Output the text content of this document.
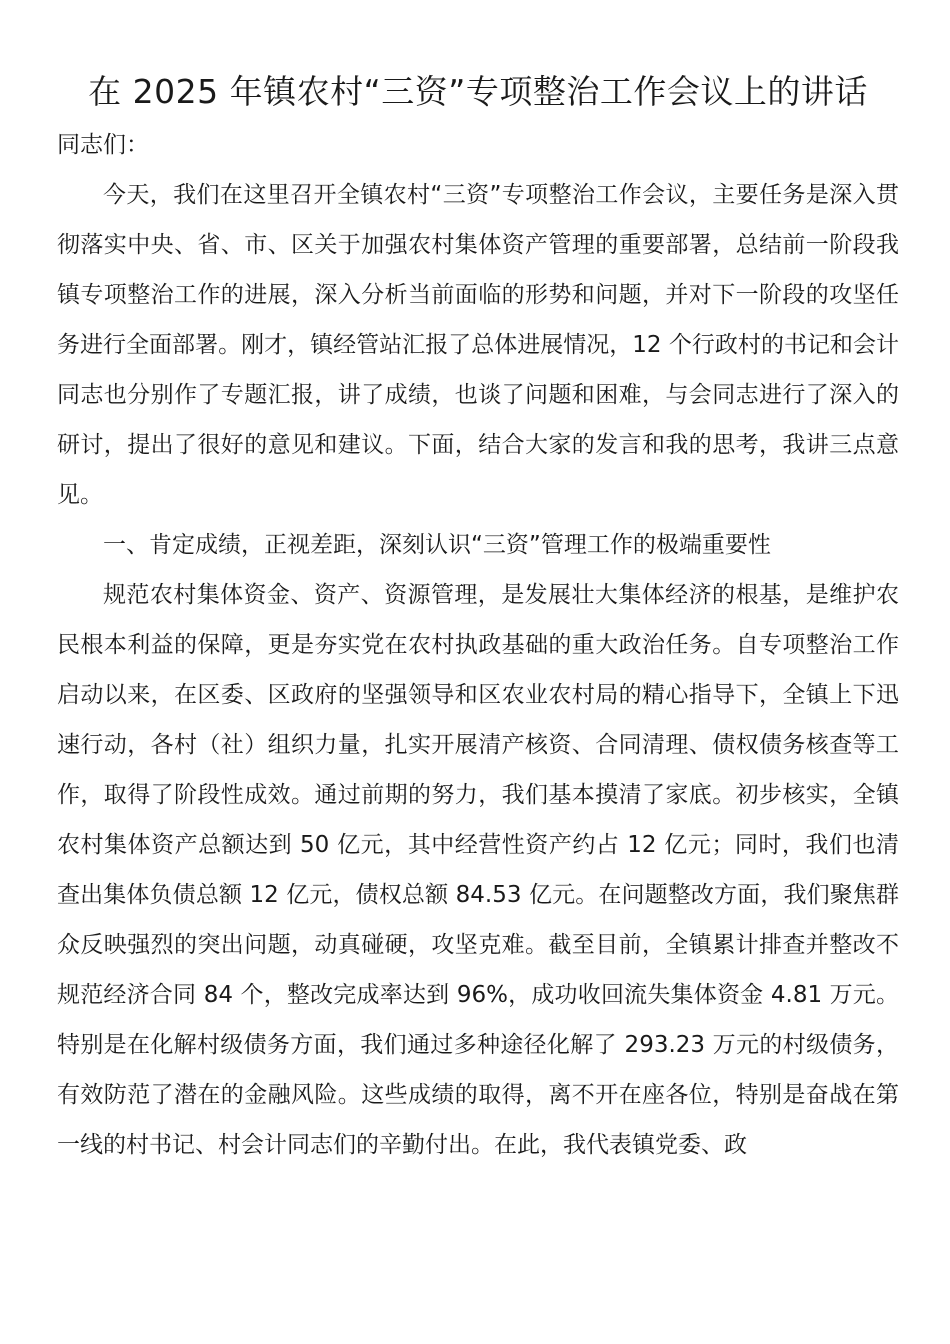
在 2025 年镇农村“三资”专项整治工作会议上的讲话

同志们：

今天，我们在这里召开全镇农村“三资”专项整治工作会议，主要任务是深入贯彻落实中央、省、市、区关于加强农村集体资产管理的重要部署，总结前一阶段我镇专项整治工作的进展，深入分析当前面临的形势和问题，并对下一阶段的攻坚任务进行全面部署。刚才，镇经管站汇报了总体进展情况，12 个行政村的书记和会计同志也分别作了专题汇报，讲了成绩，也谈了问题和困难，与会同志进行了深入的研讨，提出了很好的意见和建议。下面，结合大家的发言和我的思考，我讲三点意见。

一、肯定成绩，正视差距，深刻认识“三资”管理工作的极端重要性

规范农村集体资金、资产、资源管理，是发展壮大集体经济的根基，是维护农民根本利益的保障，更是夯实党在农村执政基础的重大政治任务。自专项整治工作启动以来，在区委、区政府的坚强领导和区农业农村局的精心指导下，全镇上下迅速行动，各村（社）组织力量，扎实开展清产核资、合同清理、债权债务核查等工作，取得了阶段性成效。通过前期的努力，我们基本摸清了家底。初步核实，全镇农村集体资产总额达到 50 亿元，其中经营性资产约占 12 亿元；同时，我们也清查出集体负债总额 12 亿元，债权总额 84.53 亿元。在问题整改方面，我们聚焦群众反映强烈的突出问题，动真碰硬，攻坚克难。截至目前，全镇累计排查并整改不规范经济合同 84 个，整改完成率达到 96%，成功收回流失集体资金 4.81 万元。特别是在化解村级债务方面，我们通过多种途径化解了 293.23 万元的村级债务，有效防范了潜在的金融风险。这些成绩的取得，离不开在座各位，特别是奋战在第一线的村书记、村会计同志们的辛勤付出。在此，我代表镇党委、政
